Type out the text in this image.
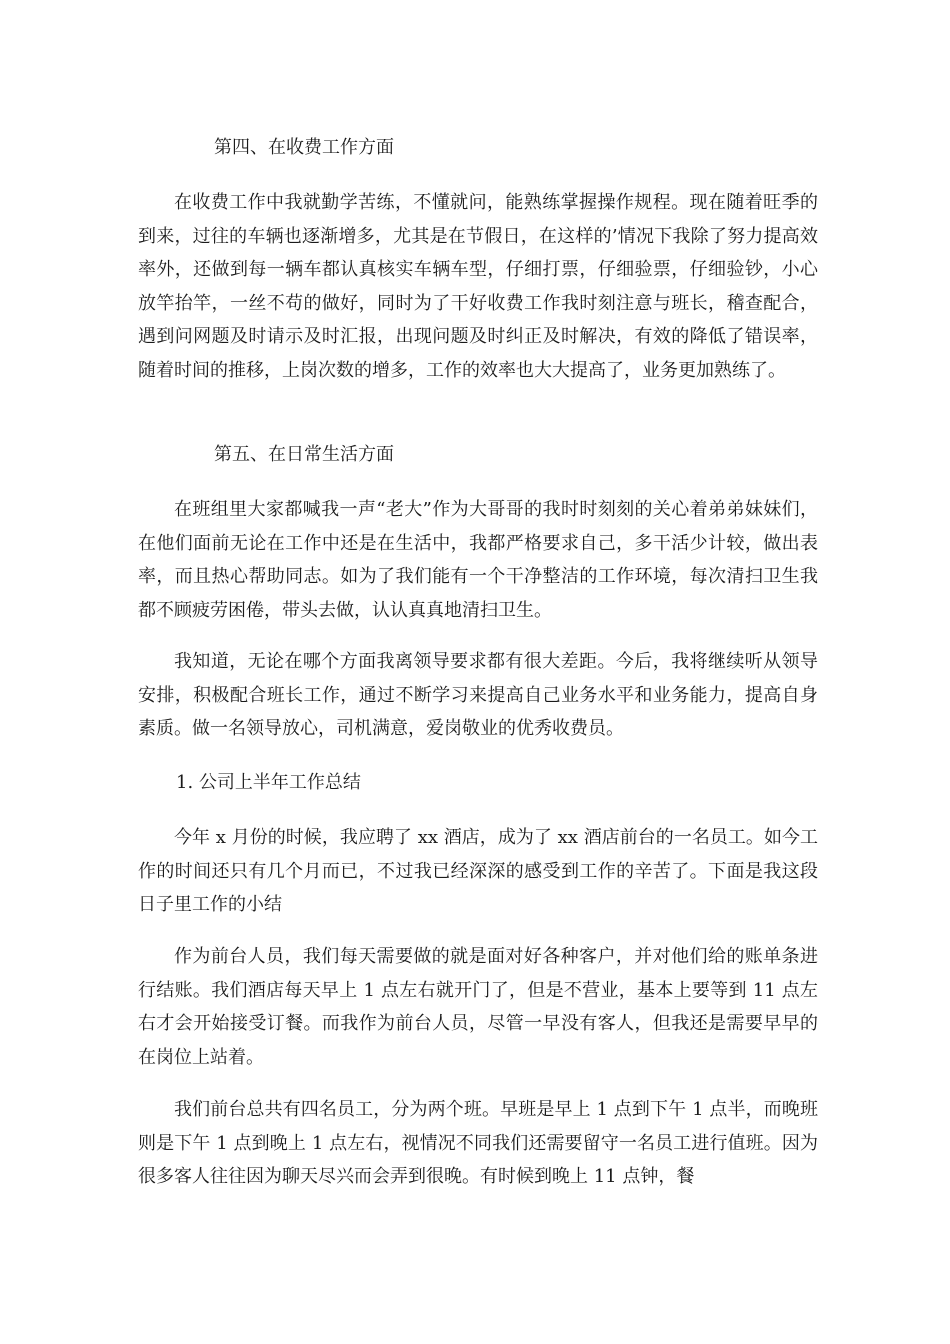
第四、在收费工作方面

在收费工作中我就勤学苦练，不懂就问，能熟练掌握操作规程。现在随着旺季的到来，过往的车辆也逐渐增多，尤其是在节假日，在这样的’情况下我除了努力提高效率外，还做到每一辆车都认真核实车辆车型，仔细打票，仔细验票，仔细验钞，小心放竿抬竿，一丝不苟的做好，同时为了干好收费工作我时刻注意与班长，稽查配合，遇到问网题及时请示及时汇报，出现问题及时纠正及时解决，有效的降低了错误率，随着时间的推移，上岗次数的增多，工作的效率也大大提高了，业务更加熟练了。

第五、在日常生活方面

在班组里大家都喊我一声“老大”作为大哥哥的我时时刻刻的关心着弟弟妹妹们，在他们面前无论在工作中还是在生活中，我都严格要求自己，多干活少计较，做出表率，而且热心帮助同志。如为了我们能有一个干净整洁的工作环境，每次清扫卫生我都不顾疲劳困倦，带头去做，认认真真地清扫卫生。

我知道，无论在哪个方面我离领导要求都有很大差距。今后，我将继续听从领导安排，积极配合班长工作，通过不断学习来提高自己业务水平和业务能力，提高自身素质。做一名领导放心，司机满意，爱岗敬业的优秀收费员。

1. 公司上半年工作总结

今年 x 月份的时候，我应聘了 xx 酒店，成为了 xx 酒店前台的一名员工。如今工作的时间还只有几个月而已，不过我已经深深的感受到工作的辛苦了。下面是我这段日子里工作的小结

作为前台人员，我们每天需要做的就是面对好各种客户，并对他们给的账单条进行结账。我们酒店每天早上 1 点左右就开门了，但是不营业，基本上要等到 11 点左右才会开始接受订餐。而我作为前台人员，尽管一早没有客人，但我还是需要早早的在岗位上站着。

我们前台总共有四名员工，分为两个班。早班是早上 1 点到下午 1 点半，而晚班则是下午 1 点到晚上 1 点左右，视情况不同我们还需要留守一名员工进行值班。因为很多客人往往因为聊天尽兴而会弄到很晚。有时候到晚上 11 点钟，餐
